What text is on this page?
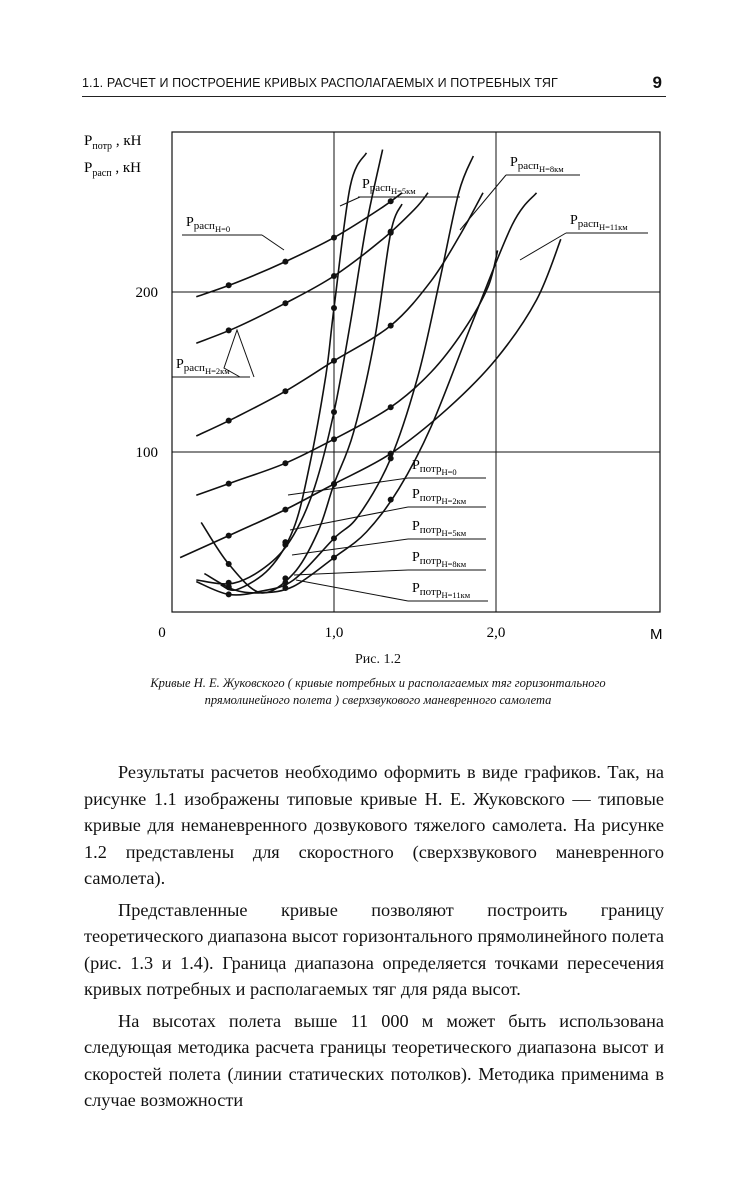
1.1. РАСЧЕТ И ПОСТРОЕНИЕ КРИВЫХ РАСПОЛАГАЕМЫХ И ПОТРЕБНЫХ ТЯГ	9
0	1,0	2,0
100
200
M
$P_{потр}$ , кН
$P_{расп}$ , кН
$P_{распH=0}$
$P_{распH=2км}$
$P_{распH=5км}$
$P_{распH=8км}$
$P_{распH=11км}$
$P_{потрH=0}$
$P_{потрH=2км}$
$P_{потрH=5км}$
$P_{потрH=8км}$
$P_{потрH=11км}$
Рис. 1.2
Кривые Н. Е. Жуковского ( кривые потребных и располагаемых тяг горизонтального прямолинейного полета ) сверхзвукового маневренного самолета

Результаты расчетов необходимо оформить в виде графиков. Так, на рисунке 1.1 изображены типовые кривые Н. Е. Жуковского — типовые кривые для неманевренного дозвукового тяжелого самолета. На рисунке 1.2 представлены для скоростного (сверхзвукового маневренного самолета).

Представленные кривые позволяют построить границу теоретического диапазона высот горизонтального прямолинейного полета (рис. 1.3 и 1.4). Граница диапазона определяется точками пересечения кривых потребных и располагаемых тяг для ряда высот.

На высотах полета выше 11 000 м может быть использована следующая методика расчета границы теоретического диапазона высот и скоростей полета (линии статических потолков). Методика применима в случае возможности
